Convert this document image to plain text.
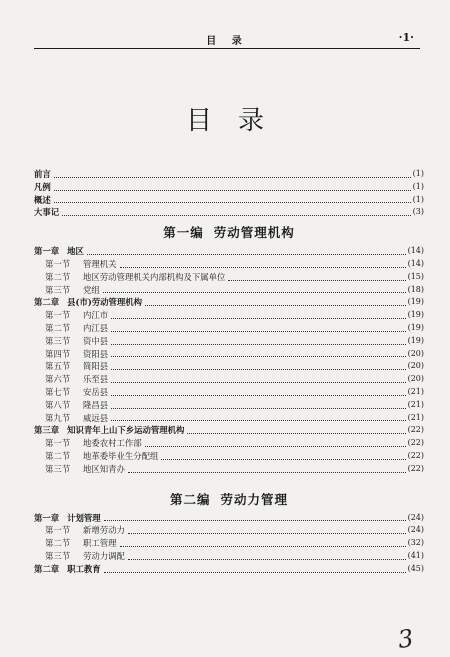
目 录	·1·
目录
前言	(1)
凡例	(1)
概述	(1)
大事记	(3)
第一编 劳动管理机构
第一章 地区	(14)
第一节 管理机关	(14)
第二节 地区劳动管理机关内部机构及下属单位	(15)
第三节 党组	(18)
第二章 县(市)劳动管理机构	(19)
第一节 内江市	(19)
第二节 内江县	(19)
第三节 资中县	(19)
第四节 资阳县	(20)
第五节 简阳县	(20)
第六节 乐至县	(20)
第七节 安岳县	(21)
第八节 隆昌县	(21)
第九节 威远县	(21)
第三章 知识青年上山下乡运动管理机构	(22)
第一节 地委农村工作部	(22)
第二节 地革委毕业生分配组	(22)
第三节 地区知青办	(22)
第二编 劳动力管理
第一章 计划管理	(24)
第一节 新增劳动力	(24)
第二节 职工管理	(32)
第三节 劳动力调配	(41)
第二章 职工教育	(45)
3
